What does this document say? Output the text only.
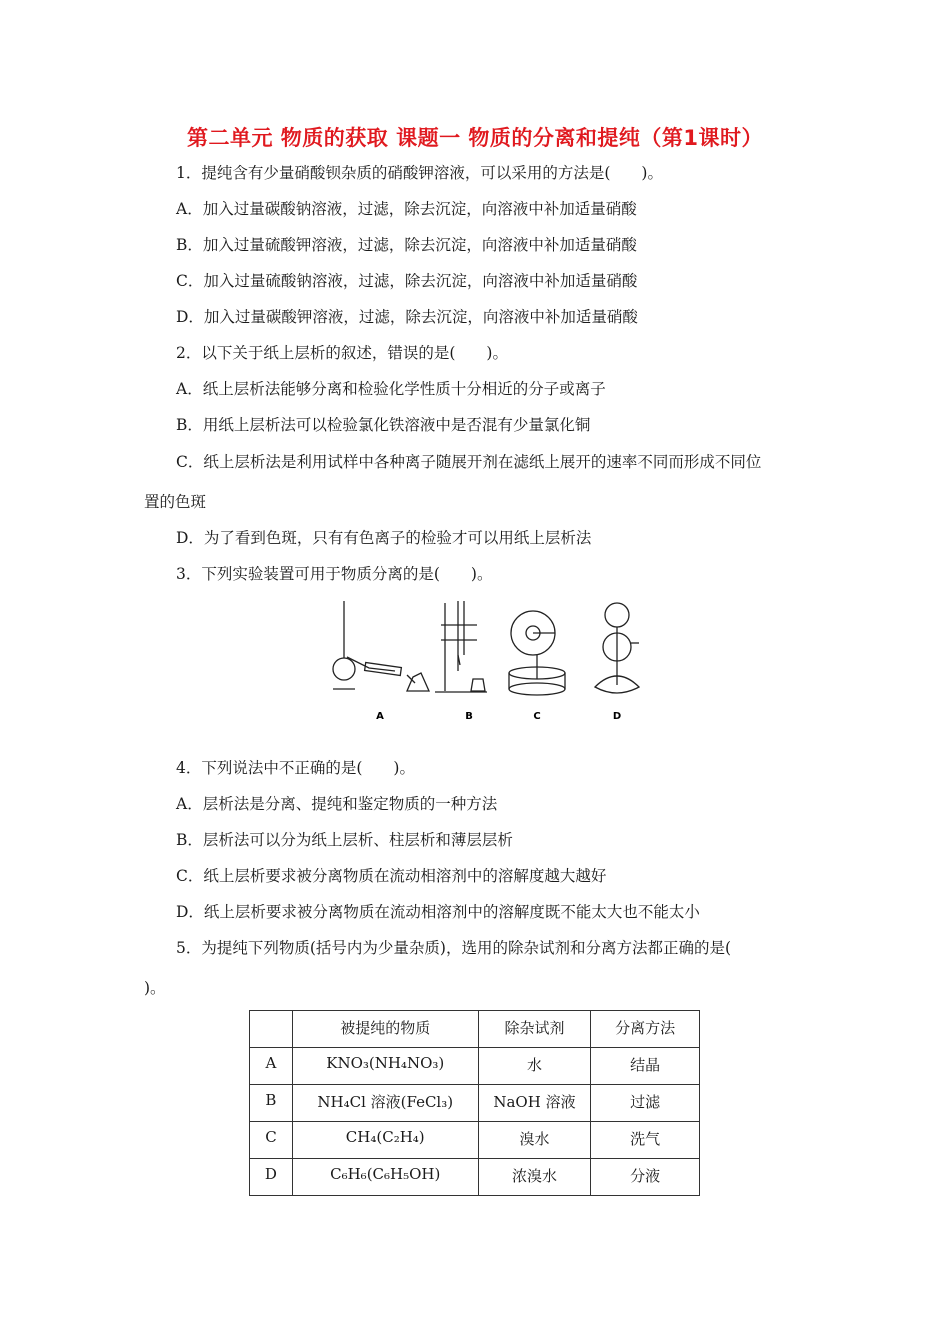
第二单元 物质的获取 课题一 物质的分离和提纯（第1课时）
1．提纯含有少量硝酸钡杂质的硝酸钾溶液，可以采用的方法是(　　)。
A．加入过量碳酸钠溶液，过滤，除去沉淀，向溶液中补加适量硝酸
B．加入过量硫酸钾溶液，过滤，除去沉淀，向溶液中补加适量硝酸
C．加入过量硫酸钠溶液，过滤，除去沉淀，向溶液中补加适量硝酸
D．加入过量碳酸钾溶液，过滤，除去沉淀，向溶液中补加适量硝酸
2．以下关于纸上层析的叙述，错误的是(　　)。
A．纸上层析法能够分离和检验化学性质十分相近的分子或离子
B．用纸上层析法可以检验氯化铁溶液中是否混有少量氯化铜
C．纸上层析法是利用试样中各种离子随展开剂在滤纸上展开的速率不同而形成不同位
置的色斑
D．为了看到色斑，只有有色离子的检验才可以用纸上层析法
3．下列实验装置可用于物质分离的是(　　)。
A	B	C	D
4．下列说法中不正确的是(　　)。
A．层析法是分离、提纯和鉴定物质的一种方法
B．层析法可以分为纸上层析、柱层析和薄层层析
C．纸上层析要求被分离物质在流动相溶剂中的溶解度越大越好
D．纸上层析要求被分离物质在流动相溶剂中的溶解度既不能太大也不能太小
5．为提纯下列物质(括号内为少量杂质)，选用的除杂试剂和分离方法都正确的是(
)。
	被提纯的物质	除杂试剂	分离方法
A	KNO₃(NH₄NO₃)	水	结晶
B	NH₄Cl 溶液(FeCl₃)	NaOH 溶液	过滤
C	CH₄(C₂H₄)	溴水	洗气
D	C₆H₆(C₆H₅OH)	浓溴水	分液
